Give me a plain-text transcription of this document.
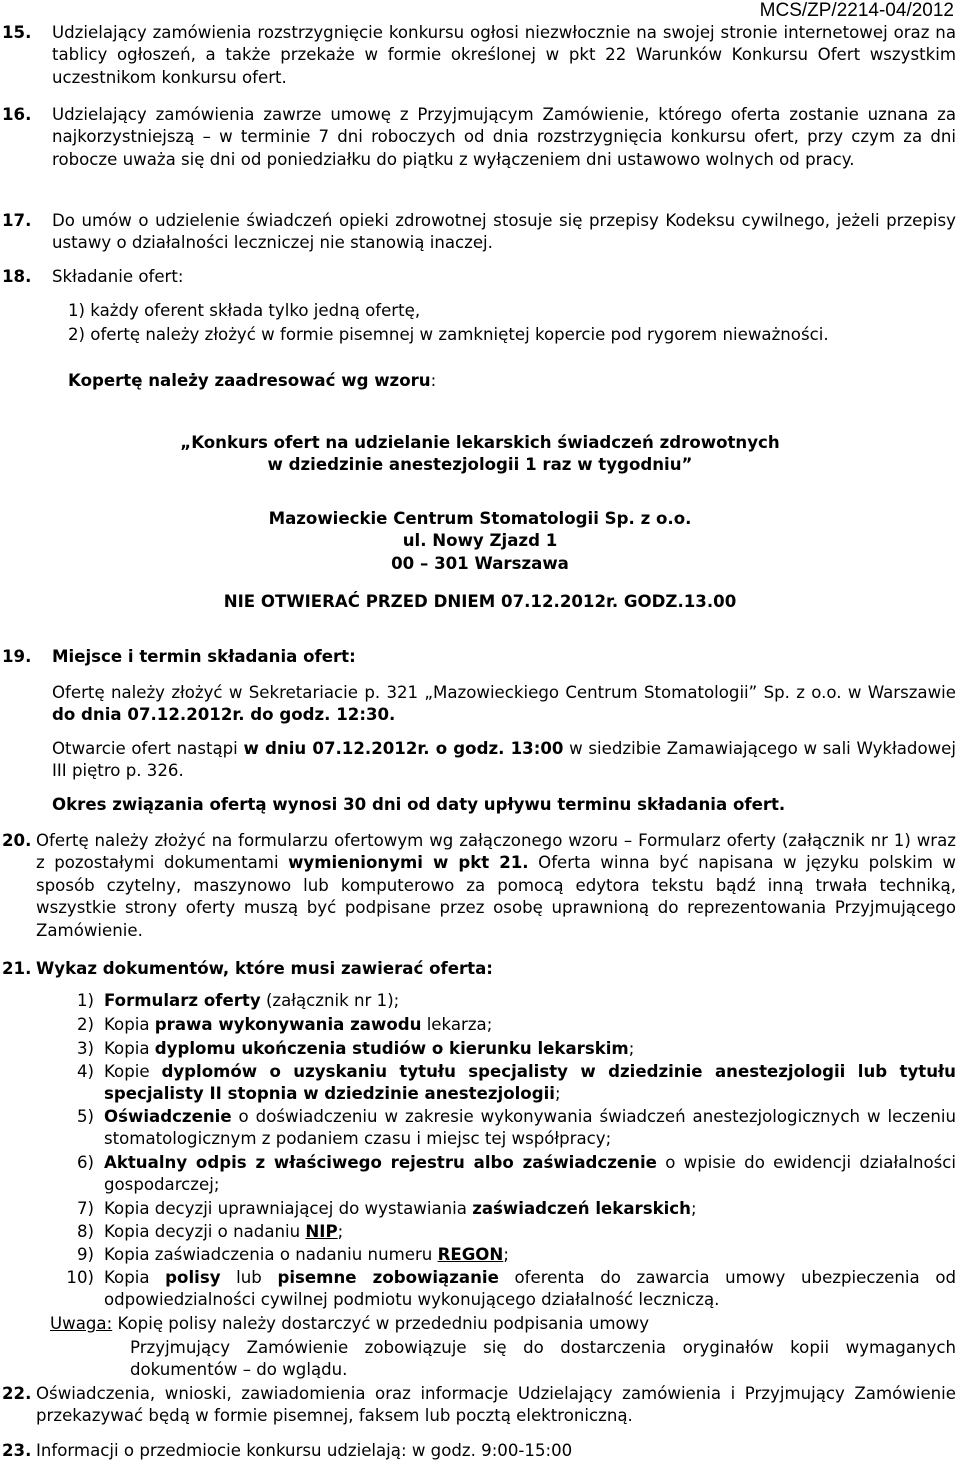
MCS/ZP/2214-04/2012
15. Udzielający zamówienia rozstrzygnięcie konkursu ogłosi niezwłocznie na swojej stronie internetowej oraz na tablicy ogłoszeń, a także przekaże w formie określonej w pkt 22 Warunków Konkursu Ofert wszystkim uczestnikom konkursu ofert.
16. Udzielający zamówienia zawrze umowę z Przyjmującym Zamówienie, którego oferta zostanie uznana za najkorzystniejszą – w terminie 7 dni roboczych od dnia rozstrzygnięcia konkursu ofert, przy czym za dni robocze uważa się dni od poniedziałku do piątku z wyłączeniem dni ustawowo wolnych od pracy.
17. Do umów o udzielenie świadczeń opieki zdrowotnej stosuje się przepisy Kodeksu cywilnego, jeżeli przepisy ustawy o działalności leczniczej nie stanowią inaczej.
18. Składanie ofert:
1) każdy oferent składa tylko jedną ofertę,
2) ofertę należy złożyć w formie pisemnej w zamkniętej kopercie pod rygorem nieważności.
Kopertę należy zaadresować wg wzoru:
„Konkurs ofert na udzielanie lekarskich świadczeń zdrowotnych
w dziedzinie anestezjologii 1 raz w tygodniu”
Mazowieckie Centrum Stomatologii Sp. z o.o.
ul. Nowy Zjazd 1
00 – 301 Warszawa
NIE OTWIERAĆ PRZED DNIEM 07.12.2012r. GODZ.13.00
19. Miejsce i termin składania ofert:
Ofertę należy złożyć w Sekretariacie p. 321 „Mazowieckiego Centrum Stomatologii” Sp. z o.o. w Warszawie do dnia 07.12.2012r. do godz. 12:30.
Otwarcie ofert nastąpi w dniu 07.12.2012r. o godz. 13:00 w siedzibie Zamawiającego w sali Wykładowej III piętro p. 326.
Okres związania ofertą wynosi 30 dni od daty upływu terminu składania ofert.
20. Ofertę należy złożyć na formularzu ofertowym wg załączonego wzoru – Formularz oferty (załącznik nr 1) wraz z pozostałymi dokumentami wymienionymi w pkt 21. Oferta winna być napisana w języku polskim w sposób czytelny, maszynowo lub komputerowo za pomocą edytora tekstu bądź inną trwała techniką, wszystkie strony oferty muszą być podpisane przez osobę uprawnioną do reprezentowania Przyjmującego Zamówienie.
21. Wykaz dokumentów, które musi zawierać oferta:
1) Formularz oferty (załącznik nr 1);
2) Kopia prawa wykonywania zawodu lekarza;
3) Kopia dyplomu ukończenia studiów o kierunku lekarskim;
4) Kopie dyplomów o uzyskaniu tytułu specjalisty w dziedzinie anestezjologii lub tytułu specjalisty II stopnia w dziedzinie anestezjologii;
5) Oświadczenie o doświadczeniu w zakresie wykonywania świadczeń anestezjologicznych w leczeniu stomatologicznym z podaniem czasu i miejsc tej współpracy;
6) Aktualny odpis z właściwego rejestru albo zaświadczenie o wpisie do ewidencji działalności gospodarczej;
7) Kopia decyzji uprawniającej do wystawiania zaświadczeń lekarskich;
8) Kopia decyzji o nadaniu NIP;
9) Kopia zaświadczenia o nadaniu numeru REGON;
10) Kopia polisy lub pisemne zobowiązanie oferenta do zawarcia umowy ubezpieczenia od odpowiedzialności cywilnej podmiotu wykonującego działalność leczniczą.
Uwaga: Kopię polisy należy dostarczyć w przededniu podpisania umowy
Przyjmujący Zamówienie zobowiązuje się do dostarczenia oryginałów kopii wymaganych dokumentów – do wglądu.
22. Oświadczenia, wnioski, zawiadomienia oraz informacje Udzielający zamówienia i Przyjmujący Zamówienie przekazywać będą w formie pisemnej, faksem lub pocztą elektroniczną.
23. Informacji o przedmiocie konkursu udzielają: w godz. 9:00-15:00
